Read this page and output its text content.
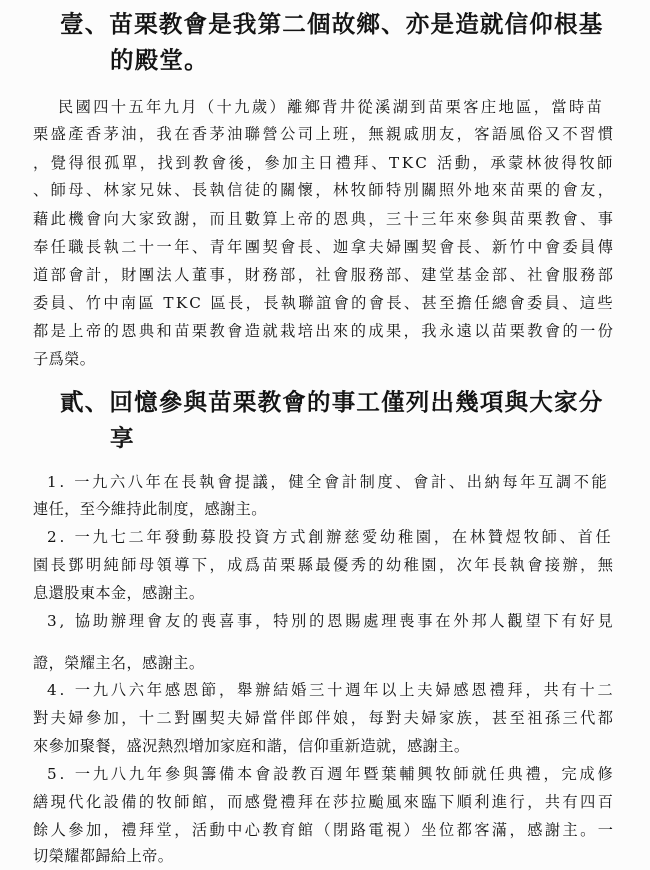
壹、苗栗教會是我第二個故鄉、亦是造就信仰根基
的殿堂。
民國四十五年九月（十九歲）離鄉背井從溪湖到苗栗客庄地區，當時苗
栗盛產香茅油，我在香茅油聯營公司上班，無親戚朋友，客語風俗又不習慣
，覺得很孤單，找到教會後，參加主日禮拜、TKC 活動，承蒙林彼得牧師
、師母、林家兄妹、長執信徒的關懷，林牧師特別關照外地來苗栗的會友，
藉此機會向大家致謝，而且數算上帝的恩典，三十三年來參與苗栗教會、事
奉任職長執二十一年、青年團契會長、迦拿夫婦團契會長、新竹中會委員傳
道部會計，財團法人董事，財務部，社會服務部、建堂基金部、社會服務部
委員、竹中南區 TKC 區長，長執聯誼會的會長、甚至擔任總會委員、這些
都是上帝的恩典和苗栗教會造就栽培出來的成果，我永遠以苗栗教會的一份
子爲榮。
貳、回憶參與苗栗教會的事工僅列出幾項與大家分
享
1. 一九六八年在長執會提議，健全會計制度、會計、出納每年互調不能
連任，至今維持此制度，感謝主。
2. 一九七二年發動募股投資方式創辦慈愛幼稚園，在林贊煜牧師、首任
園長鄧明純師母領導下，成爲苗栗縣最優秀的幼稚園，次年長執會接辦，無
息還股東本金，感謝主。
3, 協助辦理會友的喪喜事，特別的恩賜處理喪事在外邦人觀望下有好見
證，榮耀主名，感謝主。
4. 一九八六年感恩節，舉辦結婚三十週年以上夫婦感恩禮拜，共有十二
對夫婦參加，十二對團契夫婦當伴郎伴娘，每對夫婦家族，甚至祖孫三代都
來參加聚餐，盛況熱烈增加家庭和諧，信仰重新造就，感謝主。
5. 一九八九年參與籌備本會設教百週年暨葉輔興牧師就任典禮，完成修
繕現代化設備的牧師館，而感覺禮拜在莎拉颱風來臨下順利進行，共有四百
餘人參加，禮拜堂，活動中心教育館（閉路電視）坐位都客滿，感謝主。一
切榮耀都歸給上帝。
